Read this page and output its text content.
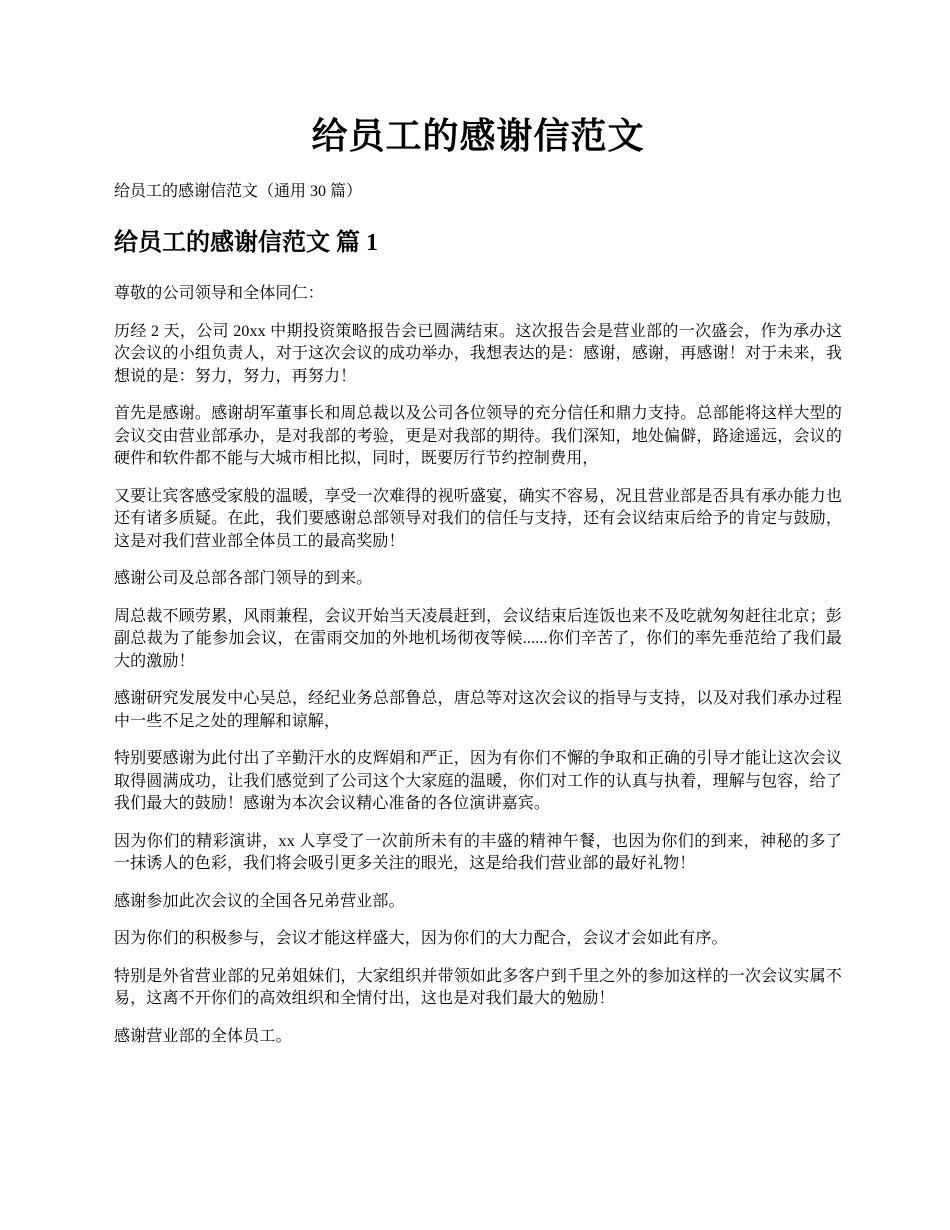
给员工的感谢信范文

给员工的感谢信范文（通用 30 篇）

给员工的感谢信范文 篇 1

尊敬的公司领导和全体同仁：

历经 2 天，公司 20xx 中期投资策略报告会已圆满结束。这次报告会是营业部的一次盛会，作为承办这次会议的小组负责人，对于这次会议的成功举办，我想表达的是：感谢，感谢，再感谢！对于未来，我想说的是：努力，努力，再努力！

首先是感谢。感谢胡军董事长和周总裁以及公司各位领导的充分信任和鼎力支持。总部能将这样大型的会议交由营业部承办，是对我部的考验，更是对我部的期待。我们深知，地处偏僻，路途遥远，会议的硬件和软件都不能与大城市相比拟，同时，既要厉行节约控制费用，

又要让宾客感受家般的温暖，享受一次难得的视听盛宴，确实不容易，况且营业部是否具有承办能力也还有诸多质疑。在此，我们要感谢总部领导对我们的信任与支持，还有会议结束后给予的肯定与鼓励，这是对我们营业部全体员工的最高奖励！

感谢公司及总部各部门领导的到来。

周总裁不顾劳累，风雨兼程，会议开始当天凌晨赶到，会议结束后连饭也来不及吃就匆匆赶往北京；彭副总裁为了能参加会议，在雷雨交加的外地机场彻夜等候......你们辛苦了，你们的率先垂范给了我们最大的激励！

感谢研究发展发中心吴总，经纪业务总部鲁总，唐总等对这次会议的指导与支持，以及对我们承办过程中一些不足之处的理解和谅解，

特别要感谢为此付出了辛勤汗水的皮辉娟和严正，因为有你们不懈的争取和正确的引导才能让这次会议取得圆满成功，让我们感觉到了公司这个大家庭的温暖，你们对工作的认真与执着，理解与包容，给了我们最大的鼓励！感谢为本次会议精心准备的各位演讲嘉宾。

因为你们的精彩演讲，xx 人享受了一次前所未有的丰盛的精神午餐，也因为你们的到来，神秘的多了一抹诱人的色彩，我们将会吸引更多关注的眼光，这是给我们营业部的最好礼物！

感谢参加此次会议的全国各兄弟营业部。

因为你们的积极参与，会议才能这样盛大，因为你们的大力配合，会议才会如此有序。

特别是外省营业部的兄弟姐妹们，大家组织并带领如此多客户到千里之外的参加这样的一次会议实属不易，这离不开你们的高效组织和全情付出，这也是对我们最大的勉励！

感谢营业部的全体员工。
